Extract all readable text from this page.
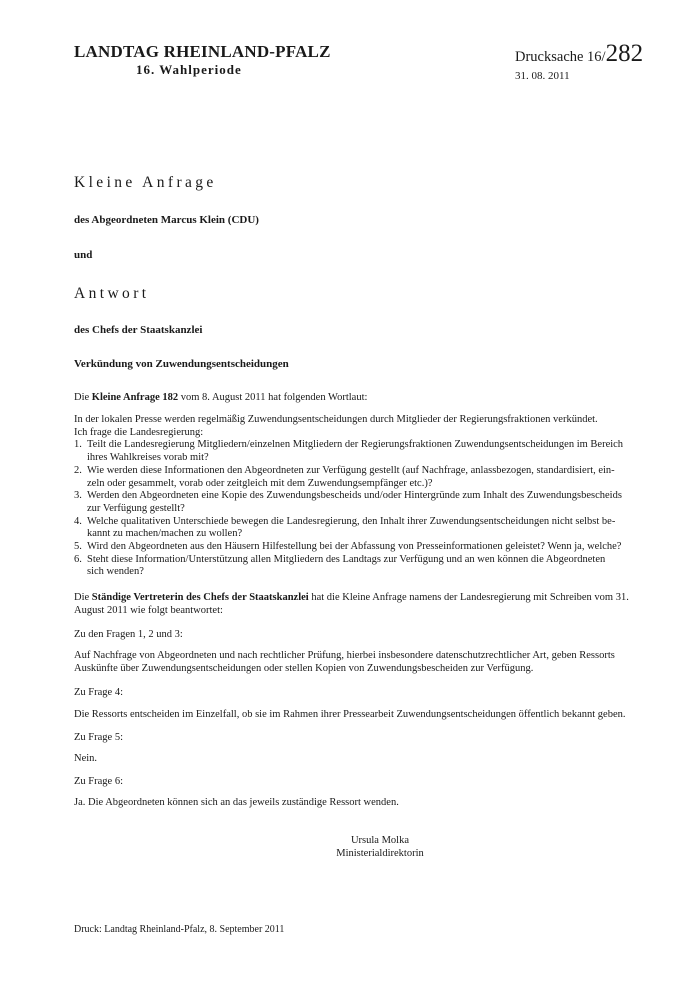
LANDTAG RHEINLAND-PFALZ
16. Wahlperiode
Drucksache 16/282
31. 08. 2011
Kleine Anfrage
des Abgeordneten Marcus Klein (CDU)
und
Antwort
des Chefs der Staatskanzlei
Verkündung von Zuwendungsentscheidungen
Die Kleine Anfrage 182 vom 8. August 2011 hat folgenden Wortlaut:
In der lokalen Presse werden regelmäßig Zuwendungsentscheidungen durch Mitglieder der Regierungsfraktionen verkündet.
Ich frage die Landesregierung:
1. Teilt die Landesregierung Mitgliedern/einzelnen Mitgliedern der Regierungsfraktionen Zuwendungsentscheidungen im Bereich
ihres Wahlkreises vorab mit?
2. Wie werden diese Informationen den Abgeordneten zur Verfügung gestellt (auf Nachfrage, anlassbezogen, standardisiert, ein-
zeln oder gesammelt, vorab oder zeitgleich mit dem Zuwendungsempfänger etc.)?
3. Werden den Abgeordneten eine Kopie des Zuwendungsbescheids und/oder Hintergründe zum Inhalt des Zuwendungsbescheids
zur Verfügung gestellt?
4. Welche qualitativen Unterschiede bewegen die Landesregierung, den Inhalt ihrer Zuwendungsentscheidungen nicht selbst be-
kannt zu machen/machen zu wollen?
5. Wird den Abgeordneten aus den Häusern Hilfestellung bei der Abfassung von Presseinformationen geleistet? Wenn ja, welche?
6. Steht diese Information/Unterstützung allen Mitgliedern des Landtags zur Verfügung und an wen können die Abgeordneten
sich wenden?
Die Ständige Vertreterin des Chefs der Staatskanzlei hat die Kleine Anfrage namens der Landesregierung mit Schreiben vom 31.
August 2011 wie folgt beantwortet:
Zu den Fragen 1, 2 und 3:
Auf Nachfrage von Abgeordneten und nach rechtlicher Prüfung, hierbei insbesondere datenschutzrechtlicher Art, geben Ressorts
Auskünfte über Zuwendungsentscheidungen oder stellen Kopien von Zuwendungsbescheiden zur Verfügung.
Zu Frage 4:
Die Ressorts entscheiden im Einzelfall, ob sie im Rahmen ihrer Pressearbeit Zuwendungsentscheidungen öffentlich bekannt geben.
Zu Frage 5:
Nein.
Zu Frage 6:
Ja. Die Abgeordneten können sich an das jeweils zuständige Ressort wenden.
Ursula Molka
Ministerialdirektorin
Druck: Landtag Rheinland-Pfalz, 8. September 2011
